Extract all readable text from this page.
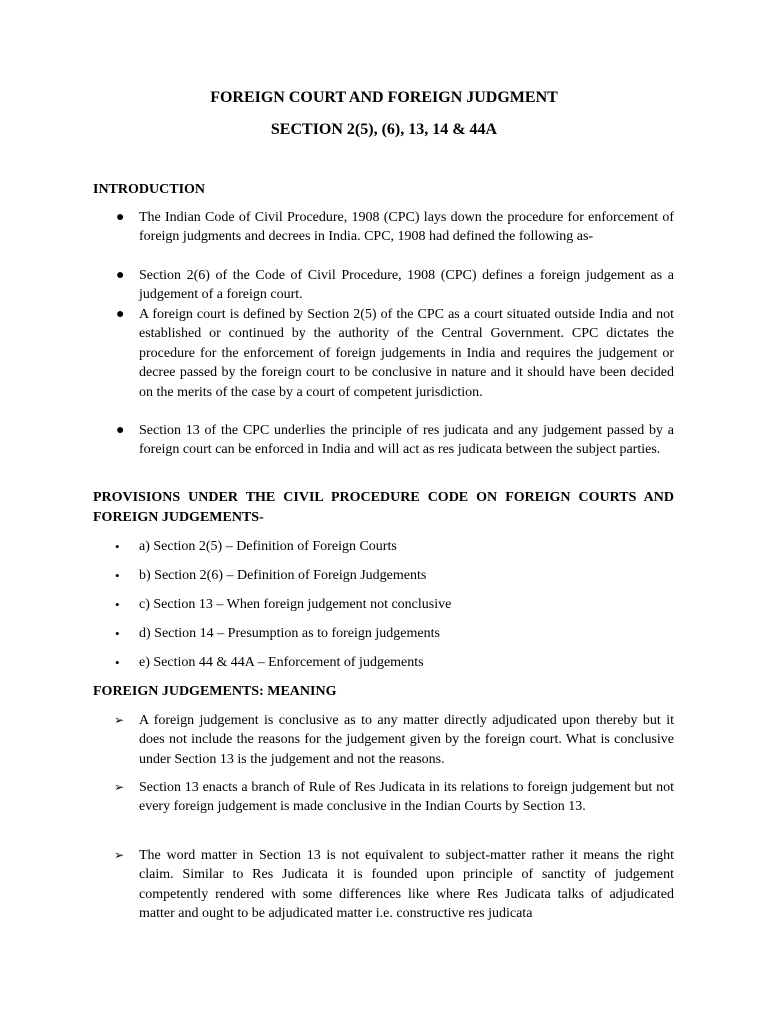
FOREIGN COURT AND FOREIGN JUDGMENT
SECTION 2(5), (6), 13, 14 & 44A
INTRODUCTION
● The Indian Code of Civil Procedure, 1908 (CPC) lays down the procedure for enforcement of foreign judgments and decrees in India. CPC, 1908 had defined the following as-
● Section 2(6) of the Code of Civil Procedure, 1908 (CPC) defines a foreign judgement as a judgement of a foreign court.
● A foreign court is defined by Section 2(5) of the CPC as a court situated outside India and not established or continued by the authority of the Central Government. CPC dictates the procedure for the enforcement of foreign judgements in India and requires the judgement or decree passed by the foreign court to be conclusive in nature and it should have been decided on the merits of the case by a court of competent jurisdiction.
● Section 13 of the CPC underlies the principle of res judicata and any judgement passed by a foreign court can be enforced in India and will act as res judicata between the subject parties.
PROVISIONS UNDER THE CIVIL PROCEDURE CODE ON FOREIGN COURTS AND FOREIGN JUDGEMENTS-
• a) Section 2(5) – Definition of Foreign Courts
• b) Section 2(6) – Definition of Foreign Judgements
• c) Section 13 – When foreign judgement not conclusive
• d) Section 14 – Presumption as to foreign judgements
• e) Section 44 & 44A – Enforcement of judgements
FOREIGN JUDGEMENTS: MEANING
➢ A foreign judgement is conclusive as to any matter directly adjudicated upon thereby but it does not include the reasons for the judgement given by the foreign court. What is conclusive under Section 13 is the judgement and not the reasons.
➢ Section 13 enacts a branch of Rule of Res Judicata in its relations to foreign judgement but not every foreign judgement is made conclusive in the Indian Courts by Section 13.
➢ The word matter in Section 13 is not equivalent to subject-matter rather it means the right claim. Similar to Res Judicata it is founded upon principle of sanctity of judgement competently rendered with some differences like where Res Judicata talks of adjudicated matter and ought to be adjudicated matter i.e. constructive res judicata
